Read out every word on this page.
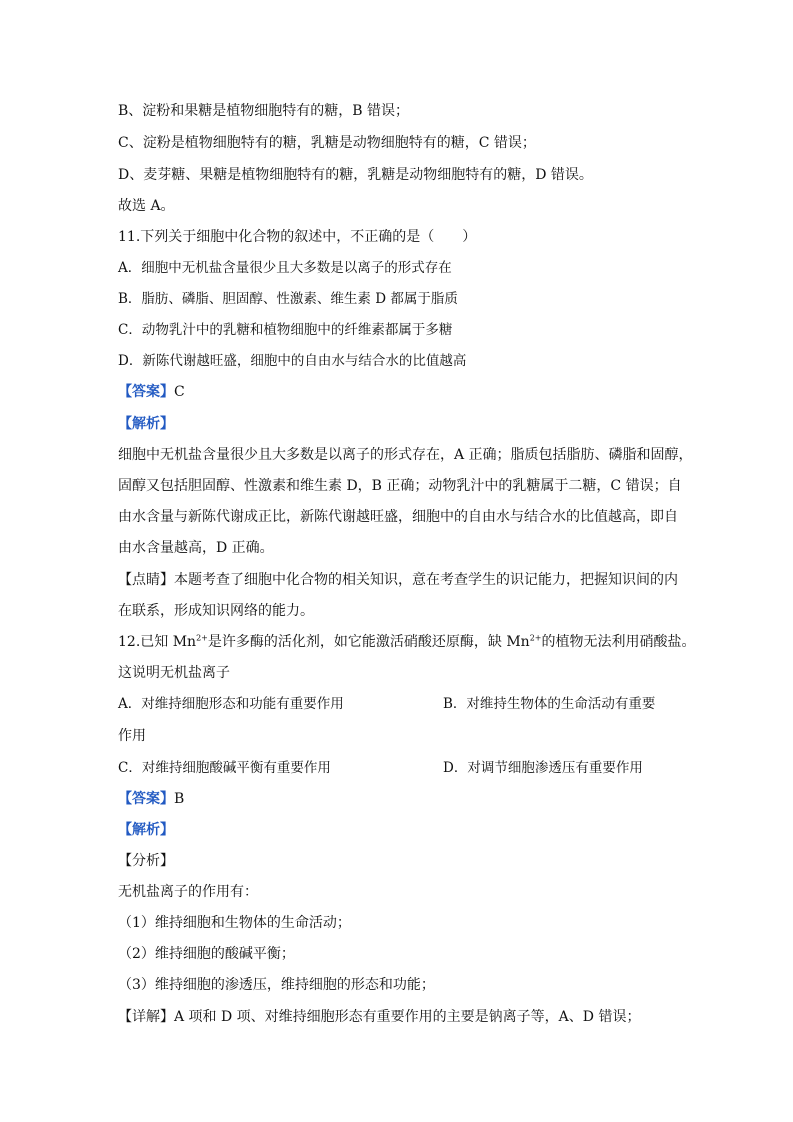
B、淀粉和果糖是植物细胞特有的糖，B 错误；
C、淀粉是植物细胞特有的糖，乳糖是动物细胞特有的糖，C 错误；
D、麦芽糖、果糖是植物细胞特有的糖，乳糖是动物细胞特有的糖，D 错误。
故选 A。
11.下列关于细胞中化合物的叙述中，不正确的是（　　）
A．细胞中无机盐含量很少且大多数是以离子的形式存在
B．脂肪、磷脂、胆固醇、性激素、维生素 D 都属于脂质
C．动物乳汁中的乳糖和植物细胞中的纤维素都属于多糖
D．新陈代谢越旺盛，细胞中的自由水与结合水的比值越高
【答案】C
【解析】
细胞中无机盐含量很少且大多数是以离子的形式存在，A 正确；脂质包括脂肪、磷脂和固醇，
固醇又包括胆固醇、性激素和维生素 D，B 正确；动物乳汁中的乳糖属于二糖，C 错误；自
由水含量与新陈代谢成正比，新陈代谢越旺盛，细胞中的自由水与结合水的比值越高，即自
由水含量越高，D 正确。
【点睛】本题考查了细胞中化合物的相关知识，意在考查学生的识记能力，把握知识间的内
在联系，形成知识网络的能力。
12.已知 $Mn^{2+}$是许多酶的活化剂，如它能激活硝酸还原酶，缺 $Mn^{2+}$的植物无法利用硝酸盐。
这说明无机盐离子
A．对维持细胞形态和功能有重要作用	B．对维持生物体的生命活动有重要
作用
C．对维持细胞酸碱平衡有重要作用	D．对调节细胞渗透压有重要作用
【答案】B
【解析】
【分析】
无机盐离子的作用有：
（1）维持细胞和生物体的生命活动；
（2）维持细胞的酸碱平衡；
（3）维持细胞的渗透压，维持细胞的形态和功能；
【详解】A 项和 D 项、对维持细胞形态有重要作用的主要是钠离子等，A、D 错误；
